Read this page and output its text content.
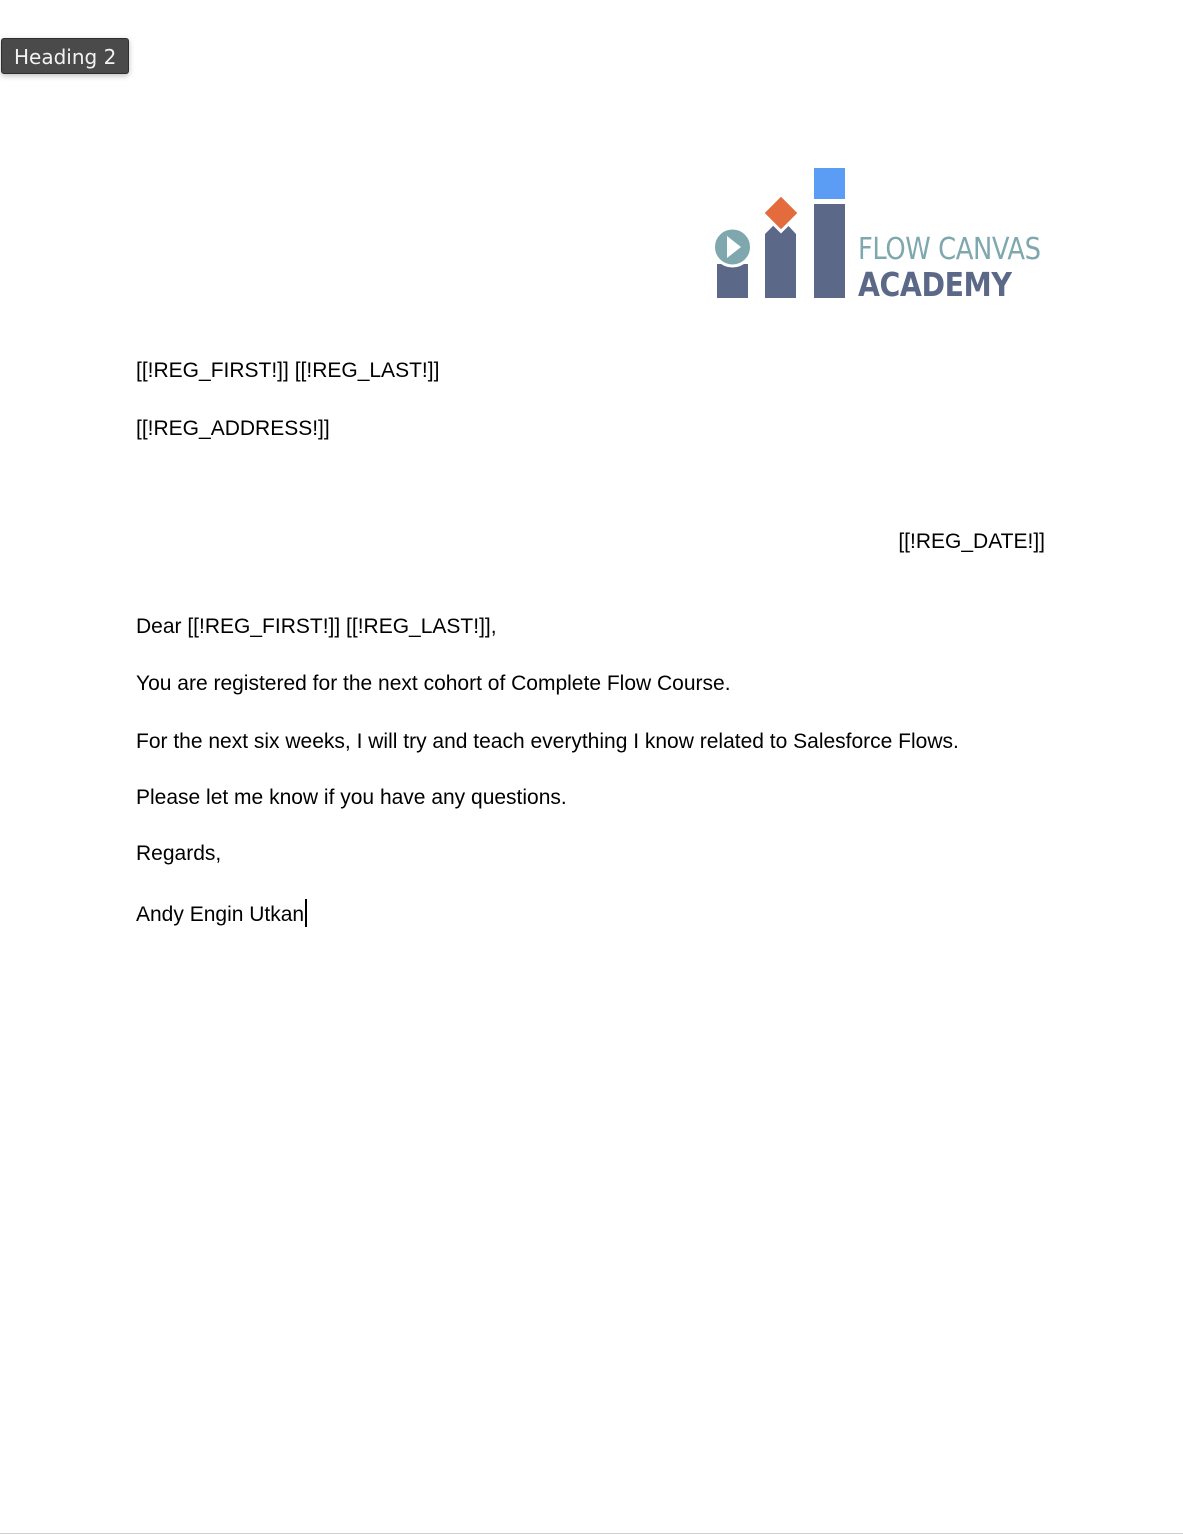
Heading 2
FLOW CANVAS
ACADEMY
[[!REG_FIRST!]] [[!REG_LAST!]]
[[!REG_ADDRESS!]]
[[!REG_DATE!]]
Dear [[!REG_FIRST!]] [[!REG_LAST!]],
You are registered for the next cohort of Complete Flow Course.
For the next six weeks, I will try and teach everything I know related to Salesforce Flows.
Please let me know if you have any questions.
Regards,
Andy Engin Utkan
